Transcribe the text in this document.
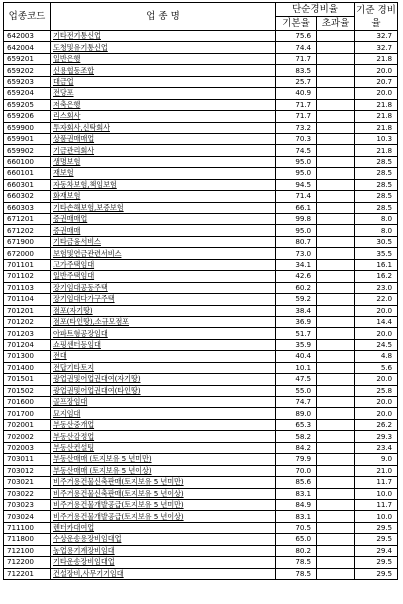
업종코드	업 종 명	단순경비율		기준 경비율
		기본율	초과율	
642003	기타전기통신업	75.6		32.7
642004	도청및유기통신업	74.4		32.7
659201	일반은행	71.7		21.8
659202	신용협동조합	83.5		20.0
659203	대금업	25.7		20.7
659204	전당포	40.9		20.0
659205	저축은행	71.7		21.8
659206	리스회사	71.7		21.8
659900	투자회사,신탁회사	73.2		21.8
659901	상품권매매업	70.3		10.3
659902	기금관리회사	74.5		21.8
660100	생명보험	95.0		28.5
660101	재보험	95.0		28.5
660301	자동차보험,책임보험	94.5		28.5
660302	화재보험	71.4		28.5
660303	기타손해보험,보증보험	66.1		28.5
671201	증권매매업	99.8		8.0
671202	증권매매	95.0		8.0
671900	기타금융서비스	80.7		30.5
672000	보험및연금관련서비스	73.0		35.5
701101	고가주택임대	34.1		16.1
701102	일반주택임대	42.6		16.2
701103	장기임대공동주택	60.2		23.0
701104	장기임대다가구주택	59.2		22.0
701201	점포(자기땅)	38.4		20.0
701202	점포(타인땅),소규모점포	36.9		14.4
701203	아파트형공장임대	51.7		20.0
701204	쇼핑센터등임대	35.9		24.5
701300	전대	40.4		4.8
701400	전답기타토지	10.1		5.6
701501	광업권및어업권대여(자기땅)	47.5		20.0
701502	광업권및어업권대여(타인땅)	55.0		25.8
701600	골프장임대	74.7		20.0
701700	묘지임대	89.0		20.0
702001	부동산중개업	65.3		26.2
702002	부동산감정업	58.2		29.3
702003	부동산컨설팅	84.2		23.4
703011	부동산매매 (토지보유 5 년미만)	79.9		9.0
703012	부동산매매 (토지보유 5 년이상)	70.0		21.0
703021	비주거용건물신축판매(토지보유 5 년미만)	85.6		11.7
703022	비주거용건물신축판매(토지보유 5 년이상)	83.1		10.0
703023	비주거용건물개발공급(토지보유 5 년미만)	84.9		11.7
703024	비주거용건물개발공급(토지보유 5 년이상)	83.1		10.0
711100	렌터카대여업	70.5		29.5
711800	수상운송용장비임대업	65.0		29.5
712100	농업용기계장비임대	80.2		29.4
712200	기타운송장비임대업	78.5		29.5
712201	건설장비,사무기기임대	78.5		29.5
